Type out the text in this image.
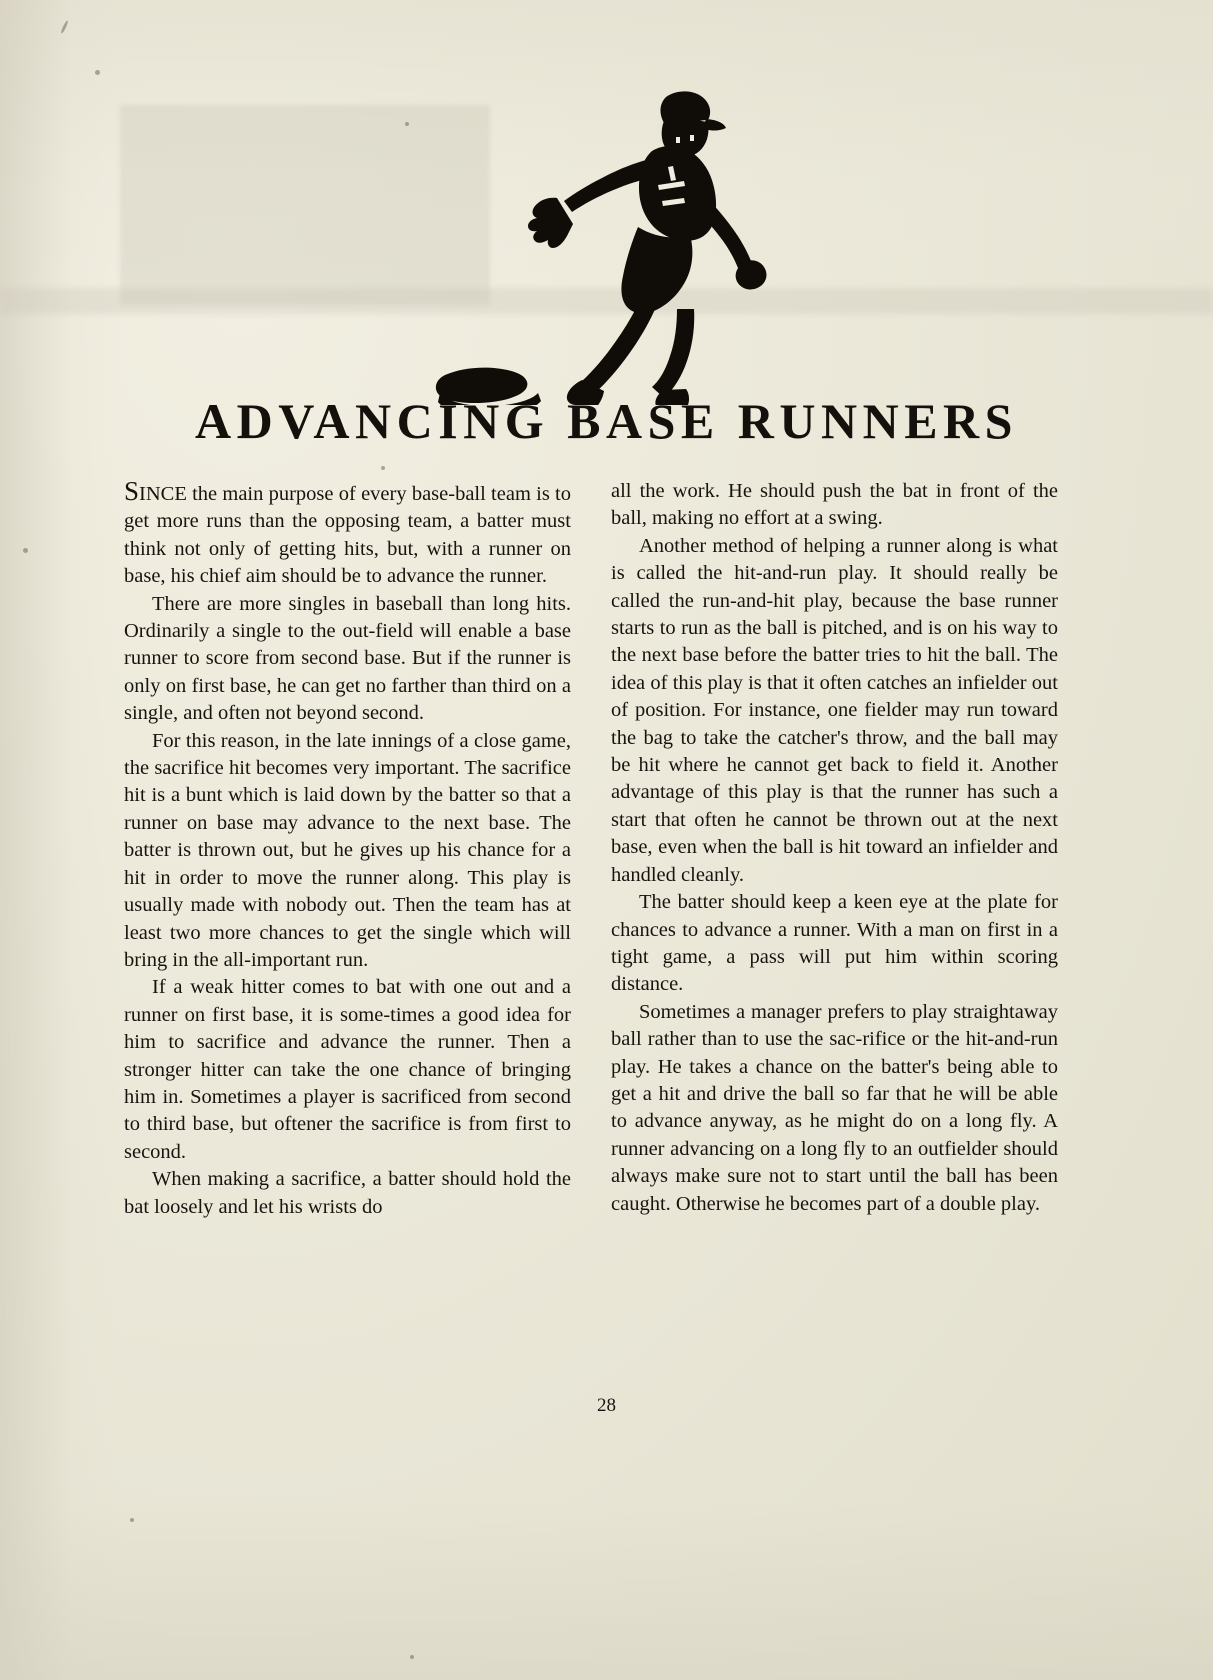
ADVANCING BASE RUNNERS

SINCE the main purpose of every base-ball team is to get more runs than the opposing team, a batter must think not only of getting hits, but, with a runner on base, his chief aim should be to advance the runner.

There are more singles in baseball than long hits. Ordinarily a single to the out-field will enable a base runner to score from second base. But if the runner is only on first base, he can get no farther than third on a single, and often not beyond second.

For this reason, in the late innings of a close game, the sacrifice hit becomes very important. The sacrifice hit is a bunt which is laid down by the batter so that a runner on base may advance to the next base. The batter is thrown out, but he gives up his chance for a hit in order to move the runner along. This play is usually made with nobody out. Then the team has at least two more chances to get the single which will bring in the all-important run.

If a weak hitter comes to bat with one out and a runner on first base, it is some-times a good idea for him to sacrifice and advance the runner. Then a stronger hitter can take the one chance of bringing him in. Sometimes a player is sacrificed from second to third base, but oftener the sacrifice is from first to second.

When making a sacrifice, a batter should hold the bat loosely and let his wrists do

all the work. He should push the bat in front of the ball, making no effort at a swing.

Another method of helping a runner along is what is called the hit-and-run play. It should really be called the run-and-hit play, because the base runner starts to run as the ball is pitched, and is on his way to the next base before the batter tries to hit the ball. The idea of this play is that it often catches an infielder out of position. For instance, one fielder may run toward the bag to take the catcher's throw, and the ball may be hit where he cannot get back to field it. Another advantage of this play is that the runner has such a start that often he cannot be thrown out at the next base, even when the ball is hit toward an infielder and handled cleanly.

The batter should keep a keen eye at the plate for chances to advance a runner. With a man on first in a tight game, a pass will put him within scoring distance.

Sometimes a manager prefers to play straightaway ball rather than to use the sac-rifice or the hit-and-run play. He takes a chance on the batter's being able to get a hit and drive the ball so far that he will be able to advance anyway, as he might do on a long fly. A runner advancing on a long fly to an outfielder should always make sure not to start until the ball has been caught. Otherwise he becomes part of a double play.

28
